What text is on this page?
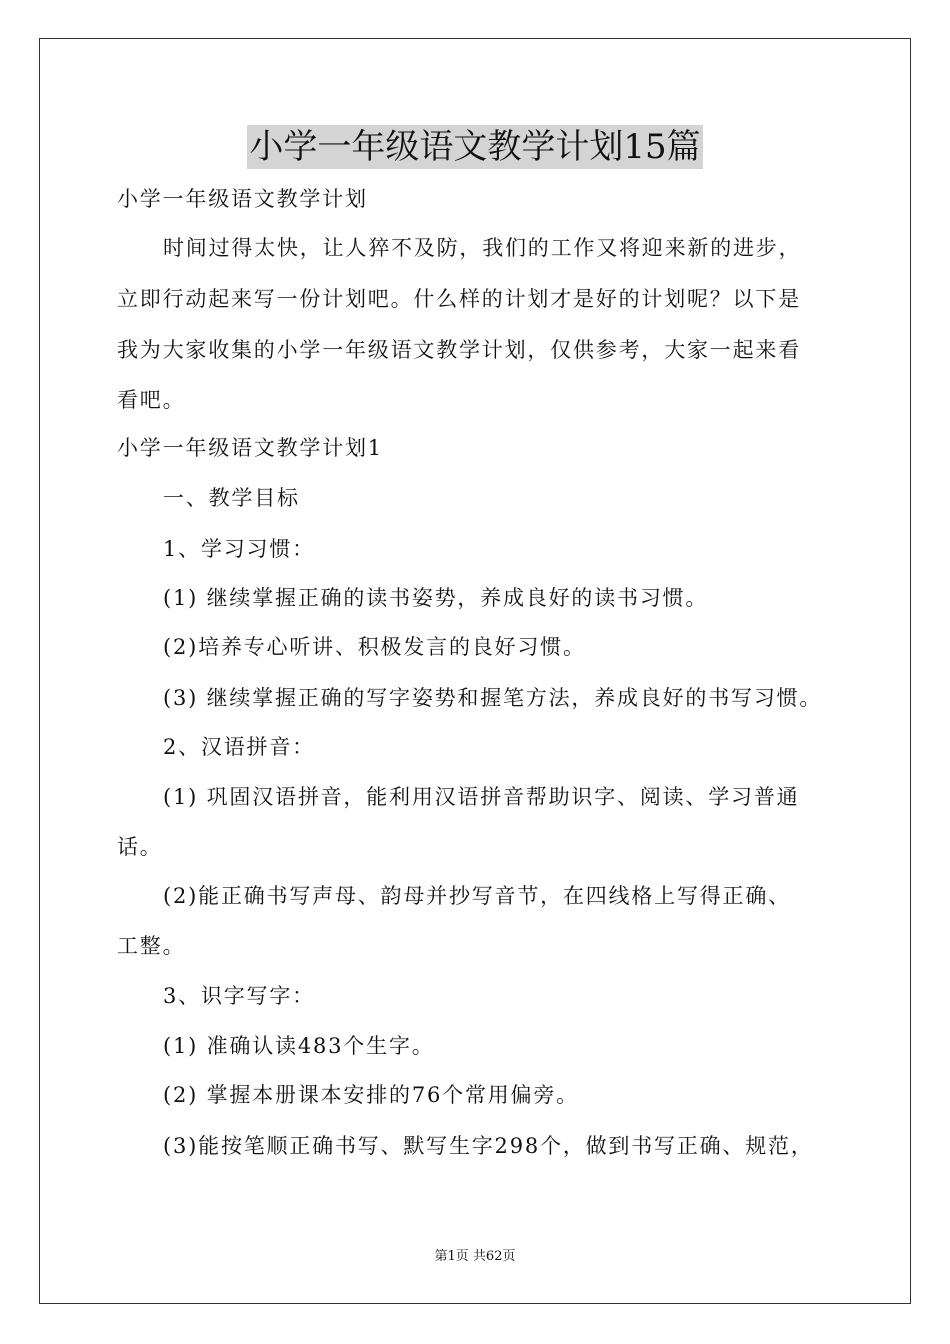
小学一年级语文教学计划15篇
小学一年级语文教学计划
时间过得太快，让人猝不及防，我们的工作又将迎来新的进步，
立即行动起来写一份计划吧。什么样的计划才是好的计划呢？以下是
我为大家收集的小学一年级语文教学计划，仅供参考，大家一起来看
看吧。
小学一年级语文教学计划1
一、教学目标
1、学习习惯：
(1) 继续掌握正确的读书姿势，养成良好的读书习惯。
(2)培养专心听讲、积极发言的良好习惯。
(3) 继续掌握正确的写字姿势和握笔方法，养成良好的书写习惯。
2、汉语拼音：
(1) 巩固汉语拼音，能利用汉语拼音帮助识字、阅读、学习普通
话。
(2)能正确书写声母、韵母并抄写音节，在四线格上写得正确、
工整。
3、识字写字：
(1) 准确认读483个生字。
(2) 掌握本册课本安排的76个常用偏旁。
(3)能按笔顺正确书写、默写生字298个，做到书写正确、规范，
第1页 共62页
